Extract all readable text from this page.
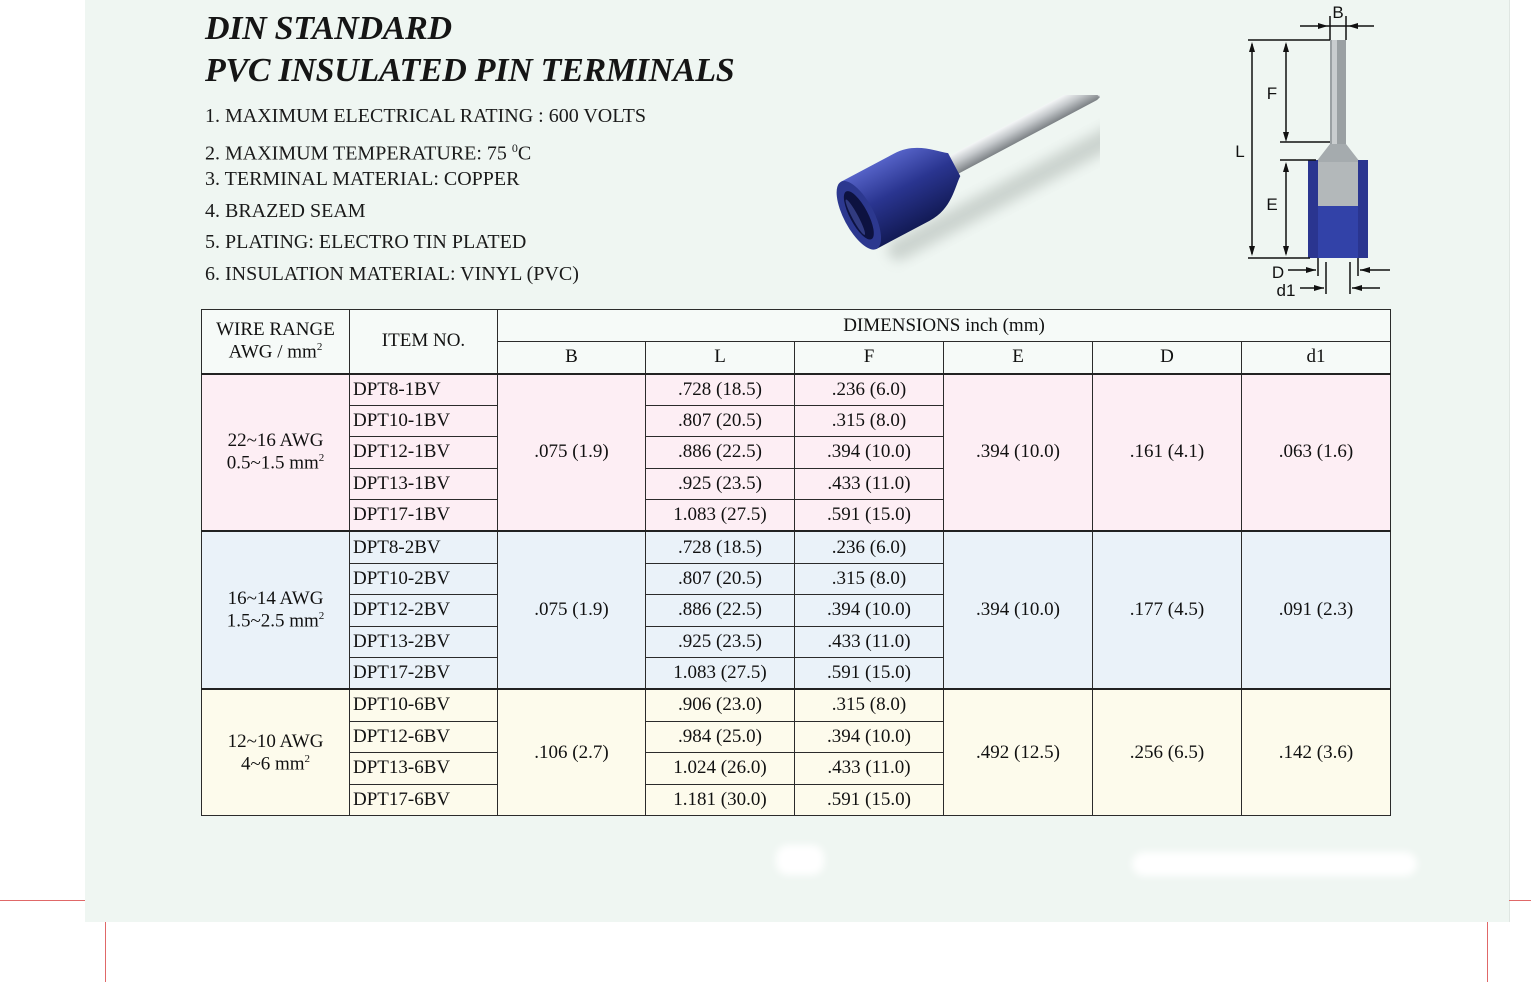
DIN STANDARD
PVC INSULATED PIN TERMINALS
1. MAXIMUM ELECTRICAL RATING : 600 VOLTS
2. MAXIMUM TEMPERATURE: 75 $^0$C
3. TERMINAL MATERIAL: COPPER
4. BRAZED SEAM
5. PLATING: ELECTRO TIN PLATED
6. INSULATION MATERIAL: VINYL (PVC)
B
F
L
E
D
d1
WIRE RANGE
AWG / $mm^2$	ITEM NO.	DIMENSIONS inch (mm)					
		B	L	F	E	D	d1
22~16 AWG
0.5~1.5 $mm^2$	DPT8-1BV	.075 (1.9)	.728 (18.5)	.236 (6.0)	.394 (10.0)	.161 (4.1)	.063 (1.6)
	DPT10-1BV		.807 (20.5)	.315 (8.0)			
	DPT12-1BV		.886 (22.5)	.394 (10.0)			
	DPT13-1BV		.925 (23.5)	.433 (11.0)			
	DPT17-1BV		1.083 (27.5)	.591 (15.0)			
16~14 AWG
1.5~2.5 $mm^2$	DPT8-2BV	.075 (1.9)	.728 (18.5)	.236 (6.0)	.394 (10.0)	.177 (4.5)	.091 (2.3)
	DPT10-2BV		.807 (20.5)	.315 (8.0)			
	DPT12-2BV		.886 (22.5)	.394 (10.0)			
	DPT13-2BV		.925 (23.5)	.433 (11.0)			
	DPT17-2BV		1.083 (27.5)	.591 (15.0)			
12~10 AWG
4~6 $mm^2$	DPT10-6BV	.106 (2.7)	.906 (23.0)	.315 (8.0)	.492 (12.5)	.256 (6.5)	.142 (3.6)
	DPT12-6BV		.984 (25.0)	.394 (10.0)			
	DPT13-6BV		1.024 (26.0)	.433 (11.0)			
	DPT17-6BV		1.181 (30.0)	.591 (15.0)			
